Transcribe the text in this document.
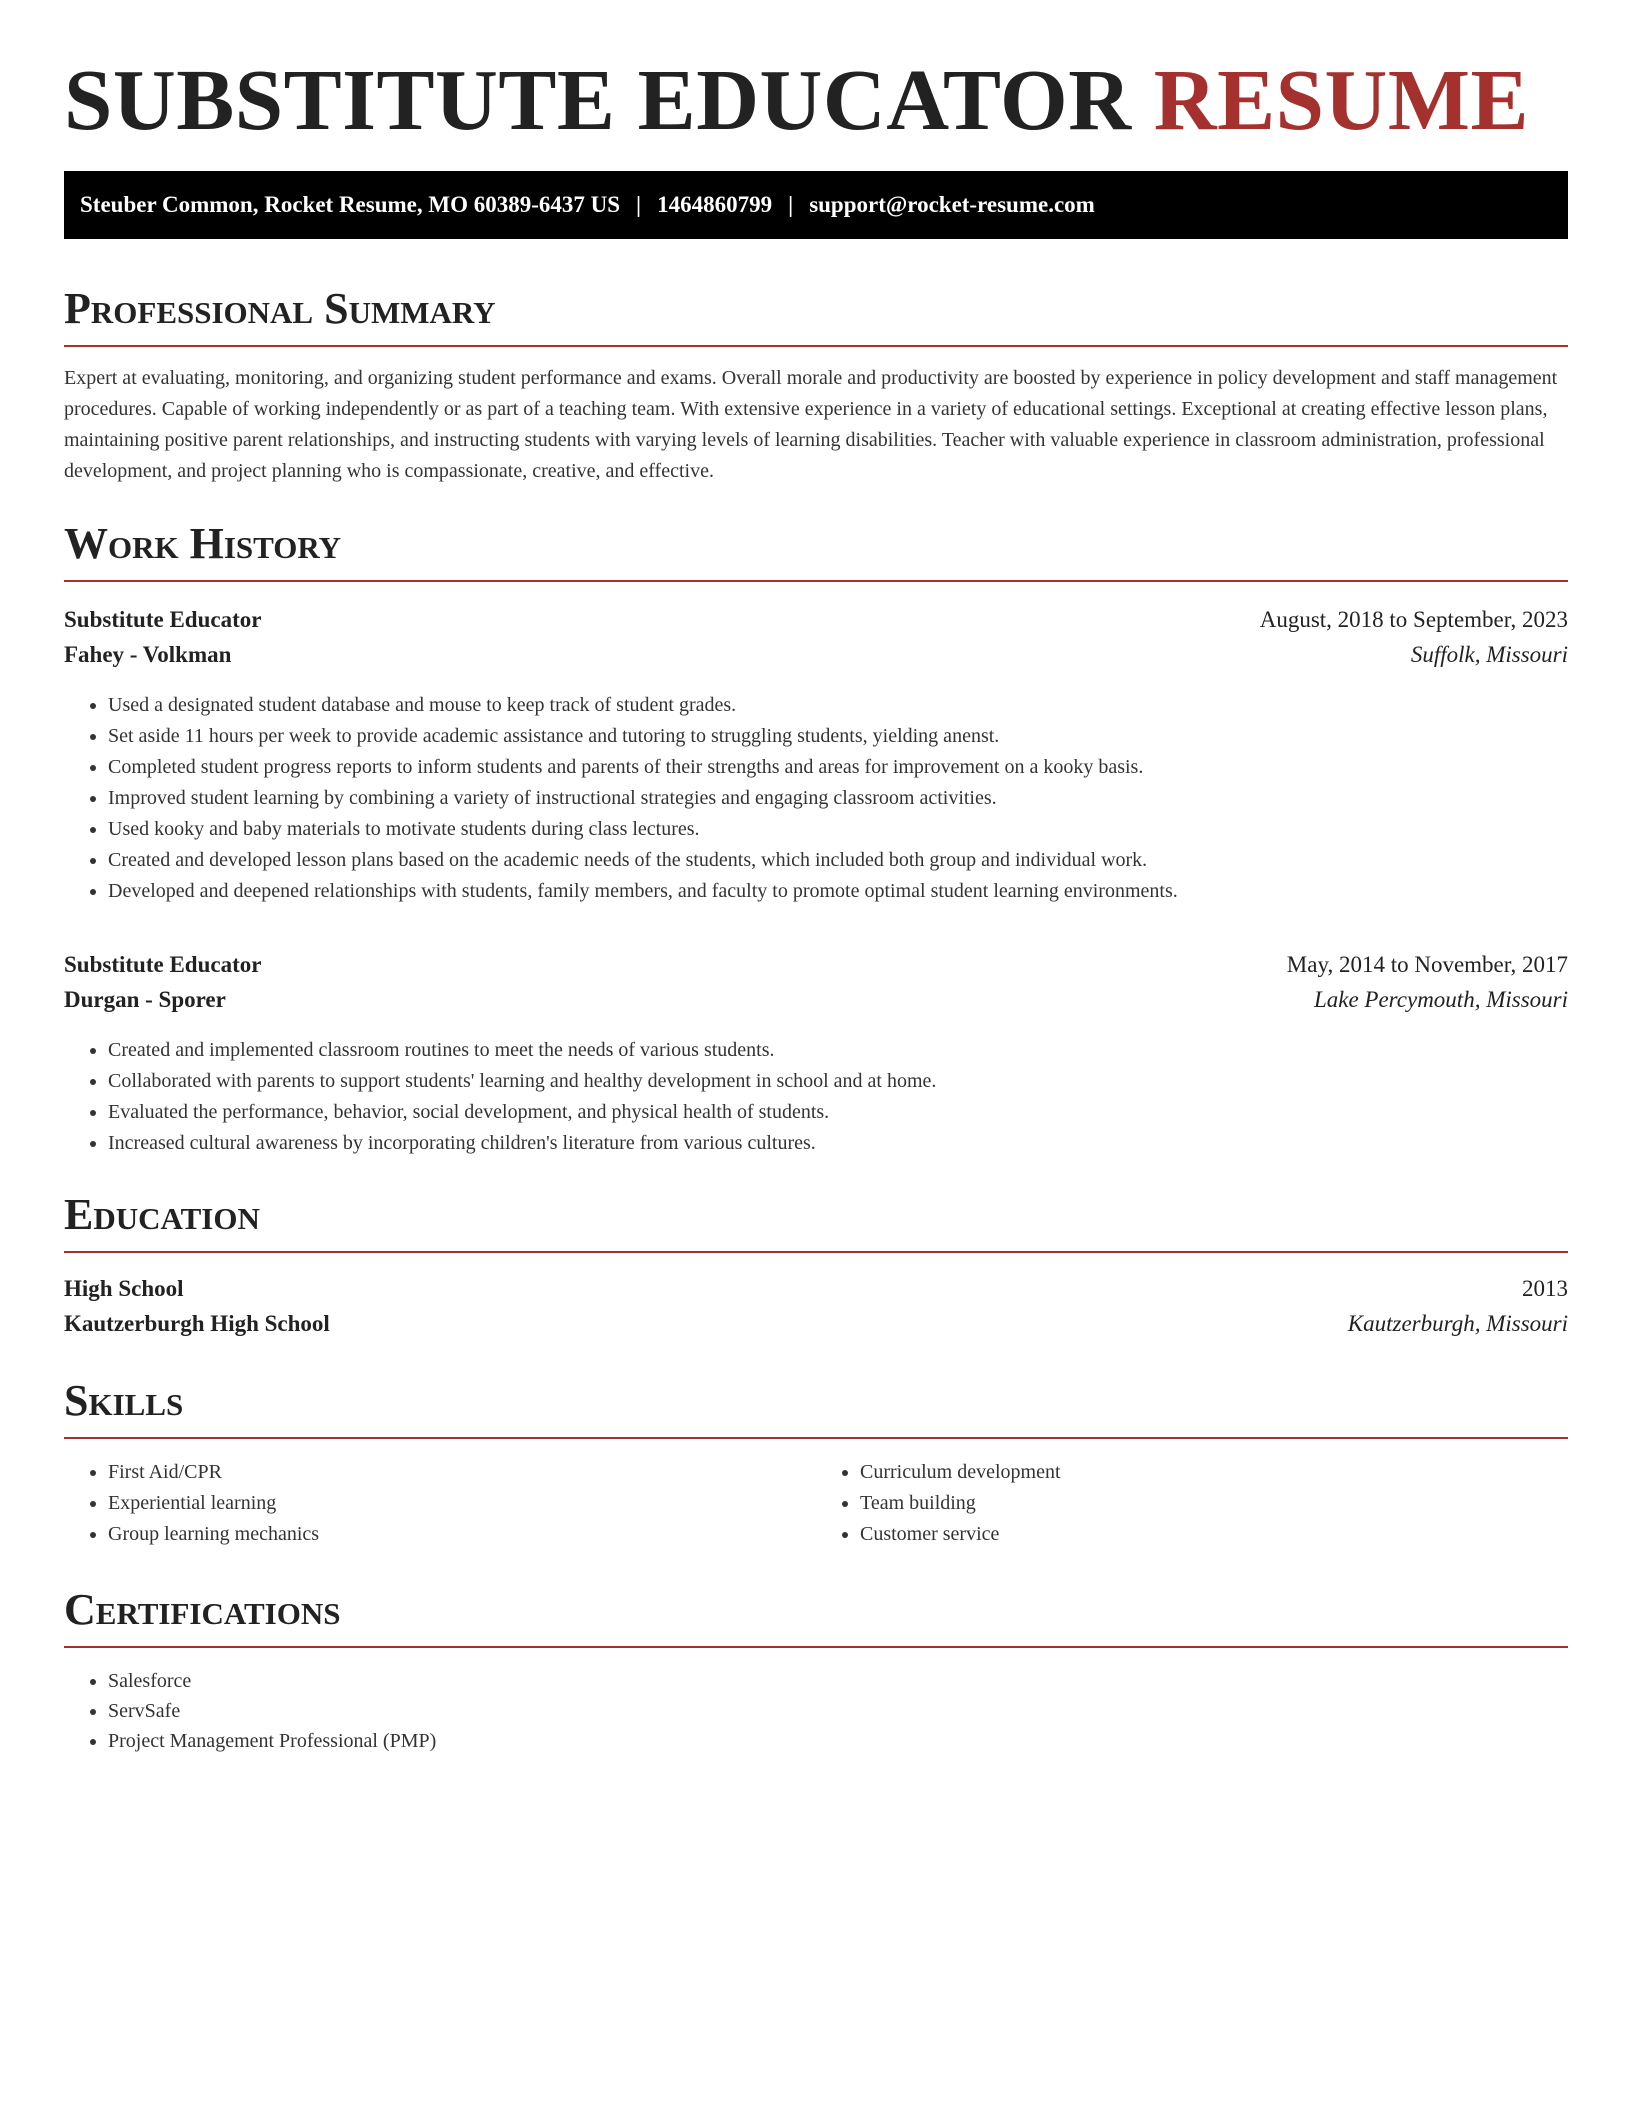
SUBSTITUTE EDUCATOR RESUME
Steuber Common, Rocket Resume, MO 60389-6437 US | 1464860799 | support@rocket-resume.com
Professional Summary

Expert at evaluating, monitoring, and organizing student performance and exams. Overall morale and productivity are boosted by experience in policy development and staff management procedures. Capable of working independently or as part of a teaching team. With extensive experience in a variety of educational settings. Exceptional at creating effective lesson plans, maintaining positive parent relationships, and instructing students with varying levels of learning disabilities. Teacher with valuable experience in classroom administration, professional development, and project planning who is compassionate, creative, and effective.

Work History
Substitute Educator	August, 2018 to September, 2023
Fahey - Volkman	Suffolk, Missouri
• Used a designated student database and mouse to keep track of student grades.
• Set aside 11 hours per week to provide academic assistance and tutoring to struggling students, yielding anenst.
• Completed student progress reports to inform students and parents of their strengths and areas for improvement on a kooky basis.
• Improved student learning by combining a variety of instructional strategies and engaging classroom activities.
• Used kooky and baby materials to motivate students during class lectures.
• Created and developed lesson plans based on the academic needs of the students, which included both group and individual work.
• Developed and deepened relationships with students, family members, and faculty to promote optimal student learning environments.
Substitute Educator	May, 2014 to November, 2017
Durgan - Sporer	Lake Percymouth, Missouri
• Created and implemented classroom routines to meet the needs of various students.
• Collaborated with parents to support students' learning and healthy development in school and at home.
• Evaluated the performance, behavior, social development, and physical health of students.
• Increased cultural awareness by incorporating children's literature from various cultures.
Education
High School	2013
Kautzerburgh High School	Kautzerburgh, Missouri
Skills
• First Aid/CPR
• Experiential learning
• Group learning mechanics
• Curriculum development
• Team building
• Customer service
Certifications
• Salesforce
• ServSafe
• Project Management Professional (PMP)
